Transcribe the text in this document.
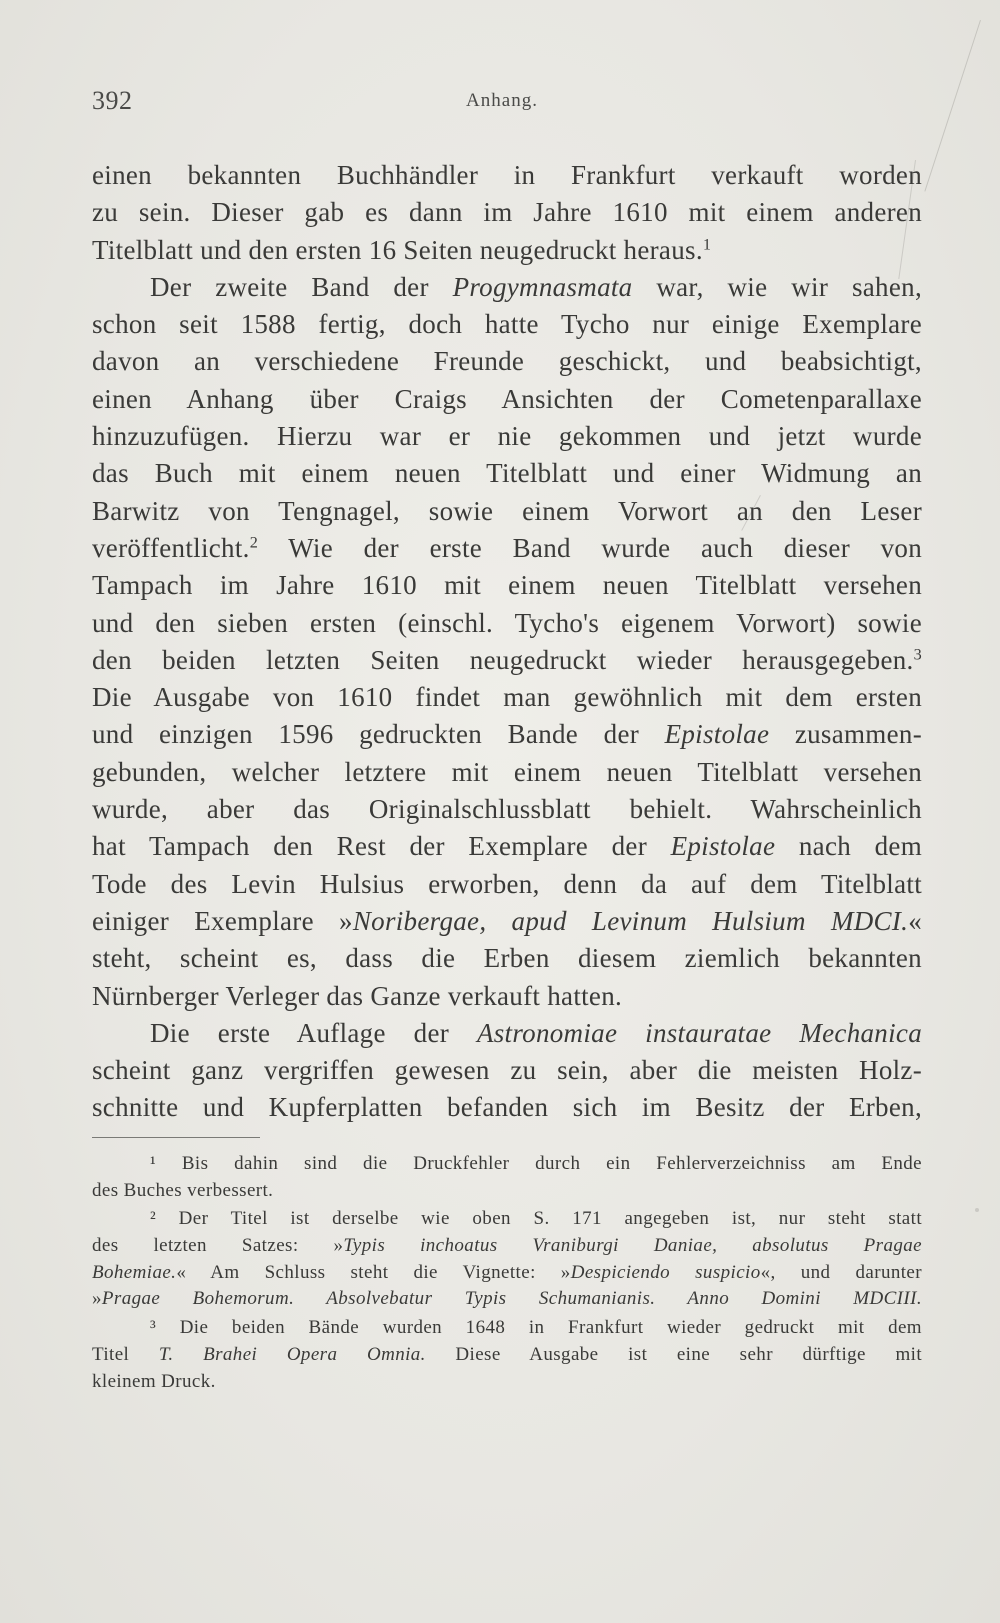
392	Anhang.
einen bekannten Buchhändler in Frankfurt verkauft worden
zu sein. Dieser gab es dann im Jahre 1610 mit einem anderen
Titelblatt und den ersten 16 Seiten neugedruckt heraus.$^1$
Der zweite Band der Progymnasmata war, wie wir sahen,
schon seit 1588 fertig, doch hatte Tycho nur einige Exemplare
davon an verschiedene Freunde geschickt, und beabsichtigt,
einen Anhang über Craigs Ansichten der Cometenparallaxe
hinzuzufügen. Hierzu war er nie gekommen und jetzt wurde
das Buch mit einem neuen Titelblatt und einer Widmung an
Barwitz von Tengnagel, sowie einem Vorwort an den Leser
veröffentlicht.$^2$ Wie der erste Band wurde auch dieser von
Tampach im Jahre 1610 mit einem neuen Titelblatt versehen
und den sieben ersten (einschl. Tycho's eigenem Vorwort) sowie
den beiden letzten Seiten neugedruckt wieder herausgegeben.$^3$
Die Ausgabe von 1610 findet man gewöhnlich mit dem ersten
und einzigen 1596 gedruckten Bande der Epistolae zusammen-
gebunden, welcher letztere mit einem neuen Titelblatt versehen
wurde, aber das Originalschlussblatt behielt. Wahrscheinlich
hat Tampach den Rest der Exemplare der Epistolae nach dem
Tode des Levin Hulsius erworben, denn da auf dem Titelblatt
einiger Exemplare »Noribergae, apud Levinum Hulsium MDCI.«
steht, scheint es, dass die Erben diesem ziemlich bekannten
Nürnberger Verleger das Ganze verkauft hatten.
Die erste Auflage der Astronomiae instauratae Mechanica
scheint ganz vergriffen gewesen zu sein, aber die meisten Holz-
schnitte und Kupferplatten befanden sich im Besitz der Erben,
¹ Bis dahin sind die Druckfehler durch ein Fehlerverzeichniss am Ende
des Buches verbessert.
² Der Titel ist derselbe wie oben S. 171 angegeben ist, nur steht statt
des letzten Satzes: »Typis inchoatus Vraniburgi Daniae, absolutus Pragae
Bohemiae.« Am Schluss steht die Vignette: »Despiciendo suspicio«, und darunter
»Pragae Bohemorum. Absolvebatur Typis Schumanianis. Anno Domini MDCIII.
³ Die beiden Bände wurden 1648 in Frankfurt wieder gedruckt mit dem
Titel T. Brahei Opera Omnia. Diese Ausgabe ist eine sehr dürftige mit
kleinem Druck.
